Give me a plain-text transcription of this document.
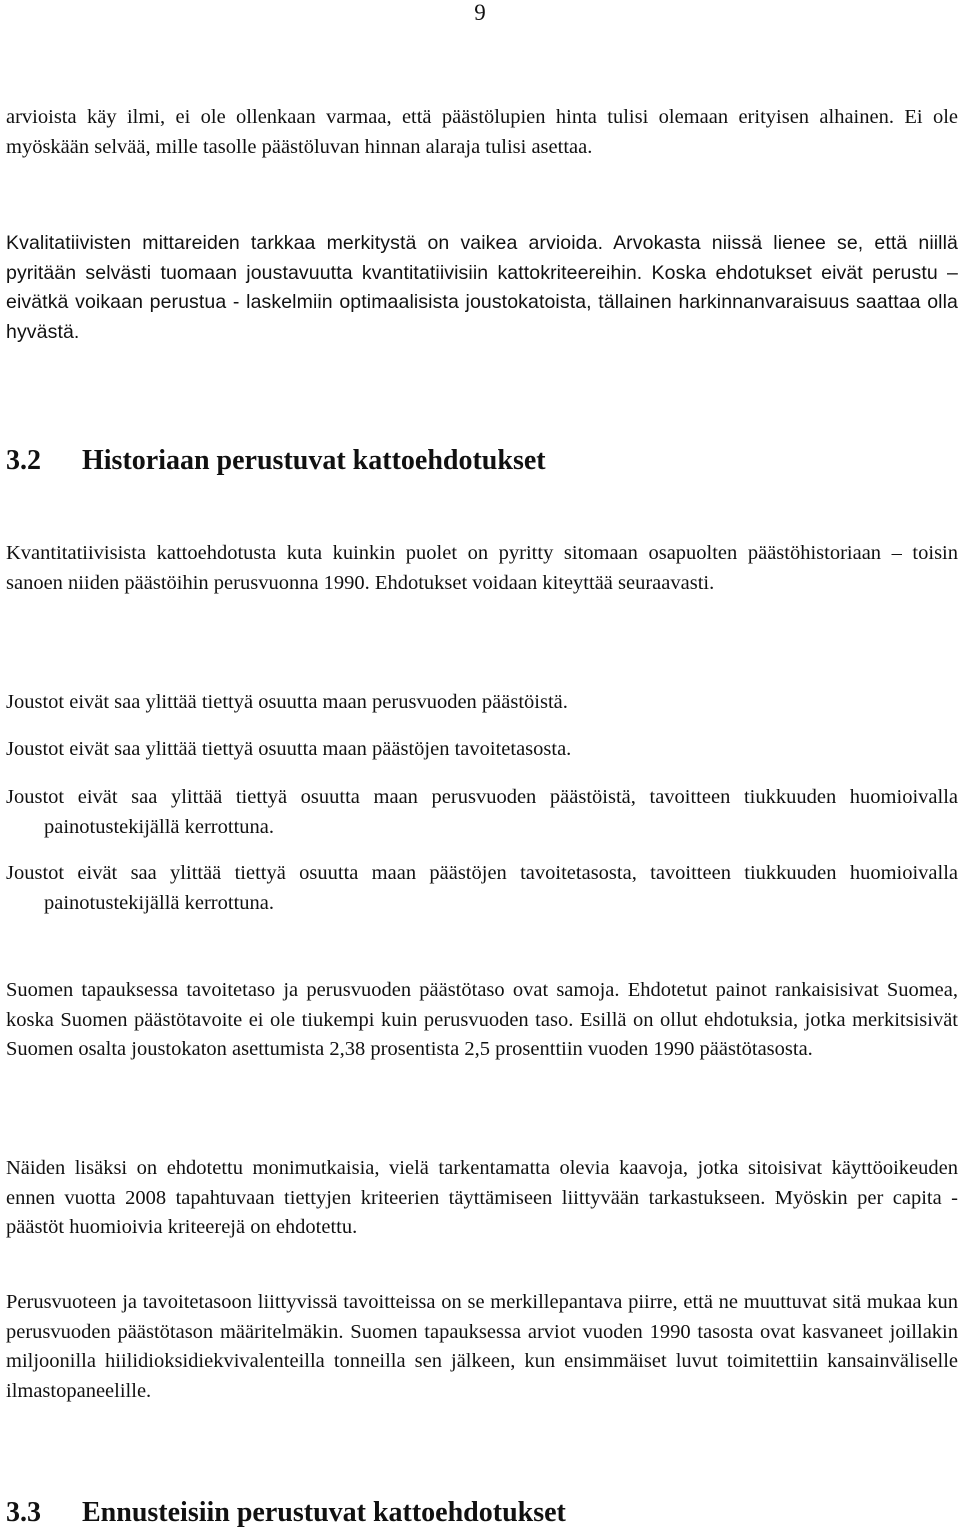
9

arvioista käy ilmi, ei ole ollenkaan varmaa, että päästölupien hinta tulisi olemaan erityisen alhainen. Ei ole myöskään selvää, mille tasolle päästöluvan hinnan alaraja tulisi asettaa.

Kvalitatiivisten mittareiden tarkkaa merkitystä on vaikea arvioida. Arvokasta niissä lienee se, että niillä pyritään selvästi tuomaan joustavuutta kvantitatiivisiin kattokriteereihin. Koska ehdotukset eivät perustu – eivätkä voikaan perustua - laskelmiin optimaalisista joustokatoista, tällainen harkinnanvaraisuus saattaa olla hyvästä.

3.2 Historiaan perustuvat kattoehdotukset

Kvantitatiivisista kattoehdotusta kuta kuinkin puolet on pyritty sitomaan osapuolten päästöhistoriaan – toisin sanoen niiden päästöihin perusvuonna 1990. Ehdotukset voidaan kiteyttää seuraavasti.

Joustot eivät saa ylittää tiettyä osuutta maan perusvuoden päästöistä.

Joustot eivät saa ylittää tiettyä osuutta maan päästöjen tavoitetasosta.

Joustot eivät saa ylittää tiettyä osuutta maan perusvuoden päästöistä, tavoitteen tiukkuuden huomioivalla painotustekijällä kerrottuna.

Joustot eivät saa ylittää tiettyä osuutta maan päästöjen tavoitetasosta, tavoitteen tiukkuuden huomioivalla painotustekijällä kerrottuna.

Suomen tapauksessa tavoitetaso ja perusvuoden päästötaso ovat samoja. Ehdotetut painot rankaisisivat Suomea, koska Suomen päästötavoite ei ole tiukempi kuin perusvuoden taso. Esillä on ollut ehdotuksia, jotka merkitsisivät Suomen osalta joustokaton asettumista 2,38 prosentista 2,5 prosenttiin vuoden 1990 päästötasosta.

Näiden lisäksi on ehdotettu monimutkaisia, vielä tarkentamatta olevia kaavoja, jotka sitoisivat käyttöoikeuden ennen vuotta 2008 tapahtuvaan tiettyjen kriteerien täyttämiseen liittyvään tarkastukseen. Myöskin per capita -päästöt huomioivia kriteerejä on ehdotettu.

Perusvuoteen ja tavoitetasoon liittyvissä tavoitteissa on se merkillepantava piirre, että ne muuttuvat sitä mukaa kun perusvuoden päästötason määritelmäkin. Suomen tapauksessa arviot vuoden 1990 tasosta ovat kasvaneet joillakin miljoonilla hiilidioksidiekvivalenteilla tonneilla sen jälkeen, kun ensimmäiset luvut toimitettiin kansainväliselle ilmastopaneelille.

3.3 Ennusteisiin perustuvat kattoehdotukset
